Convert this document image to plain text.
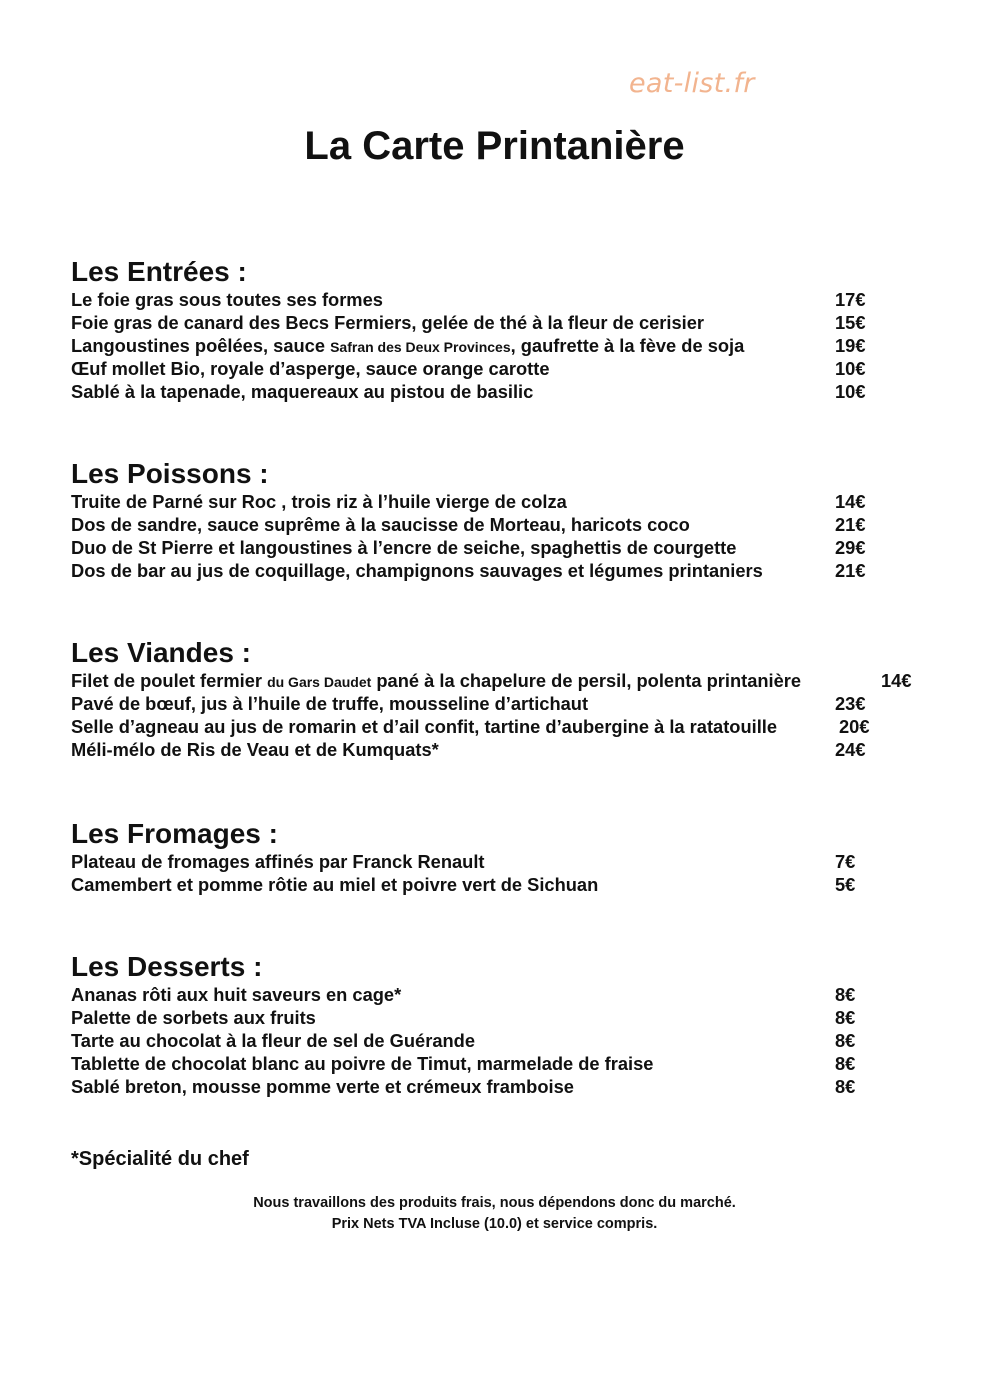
eat-list.fr
La Carte Printanière
Les Entrées :
Le foie gras sous toutes ses formes	17€
Foie gras de canard des Becs Fermiers, gelée de thé à la fleur de cerisier	15€
Langoustines poêlées, sauce Safran des Deux Provinces, gaufrette à la fève de soja	19€
Œuf mollet Bio, royale d’asperge, sauce orange carotte	10€
Sablé à la tapenade, maquereaux au pistou de basilic	10€
Les Poissons :
Truite de Parné sur Roc , trois riz à l’huile vierge de colza	14€
Dos de sandre, sauce suprême à la saucisse de Morteau, haricots coco	21€
Duo de St Pierre et langoustines à l’encre de seiche, spaghettis de courgette	29€
Dos de bar au jus de coquillage, champignons sauvages et légumes printaniers	21€
Les Viandes :
Filet de poulet fermier du Gars Daudet pané à la chapelure de persil, polenta printanière	14€
Pavé de bœuf, jus à l’huile de truffe, mousseline d’artichaut	23€
Selle d’agneau au jus de romarin et d’ail confit, tartine d’aubergine à la ratatouille	20€
Méli-mélo de Ris de Veau et de Kumquats*	24€
Les Fromages :
Plateau de fromages affinés par Franck Renault	7€
Camembert et pomme rôtie au miel et poivre vert de Sichuan	5€
Les Desserts :
Ananas rôti aux huit saveurs en cage*	8€
Palette de sorbets aux fruits	8€
Tarte au chocolat à la fleur de sel de Guérande	8€
Tablette de chocolat blanc au poivre de Timut, marmelade de fraise	8€
Sablé breton, mousse pomme verte et crémeux framboise	8€

*Spécialité du chef

Nous travaillons des produits frais, nous dépendons donc du marché.
Prix Nets TVA Incluse (10.0) et service compris.
